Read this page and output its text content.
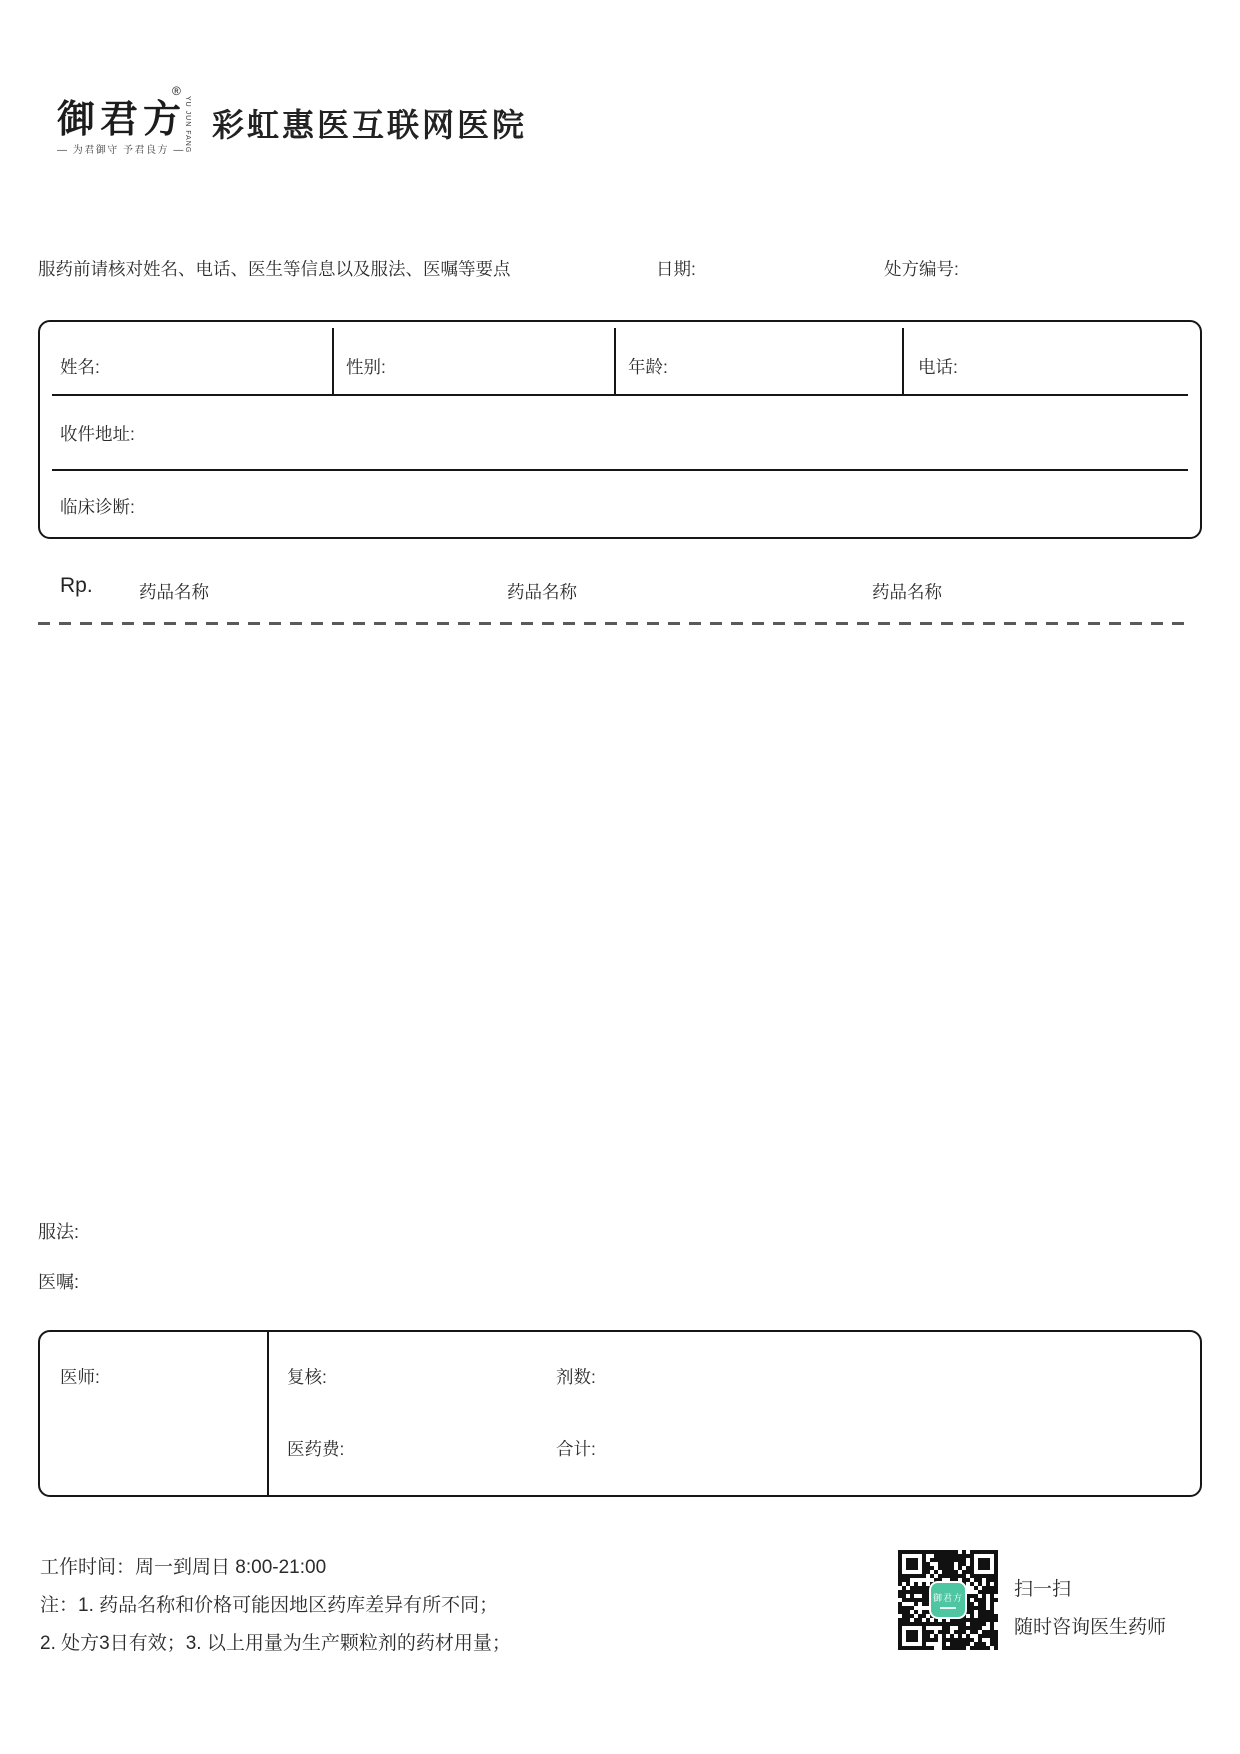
御君方
®
YU JUN FANG
— 为君御守 予君良方 —
彩虹惠医互联网医院
服药前请核对姓名、电话、医生等信息以及服法、医嘱等要点	日期:	处方编号:
姓名:	性别:	年龄:	电话:
收件地址:
临床诊断:
Rp.	药品名称	药品名称	药品名称
服法:
医嘱:
医师:	复核:	剂数:
医药费:	合计:
工作时间：周一到周日 8:00-21:00
注：1. 药品名称和价格可能因地区药库差异有所不同；
2. 处方3日有效；3. 以上用量为生产颗粒剂的药材用量；
御君方	扫一扫
随时咨询医生药师
